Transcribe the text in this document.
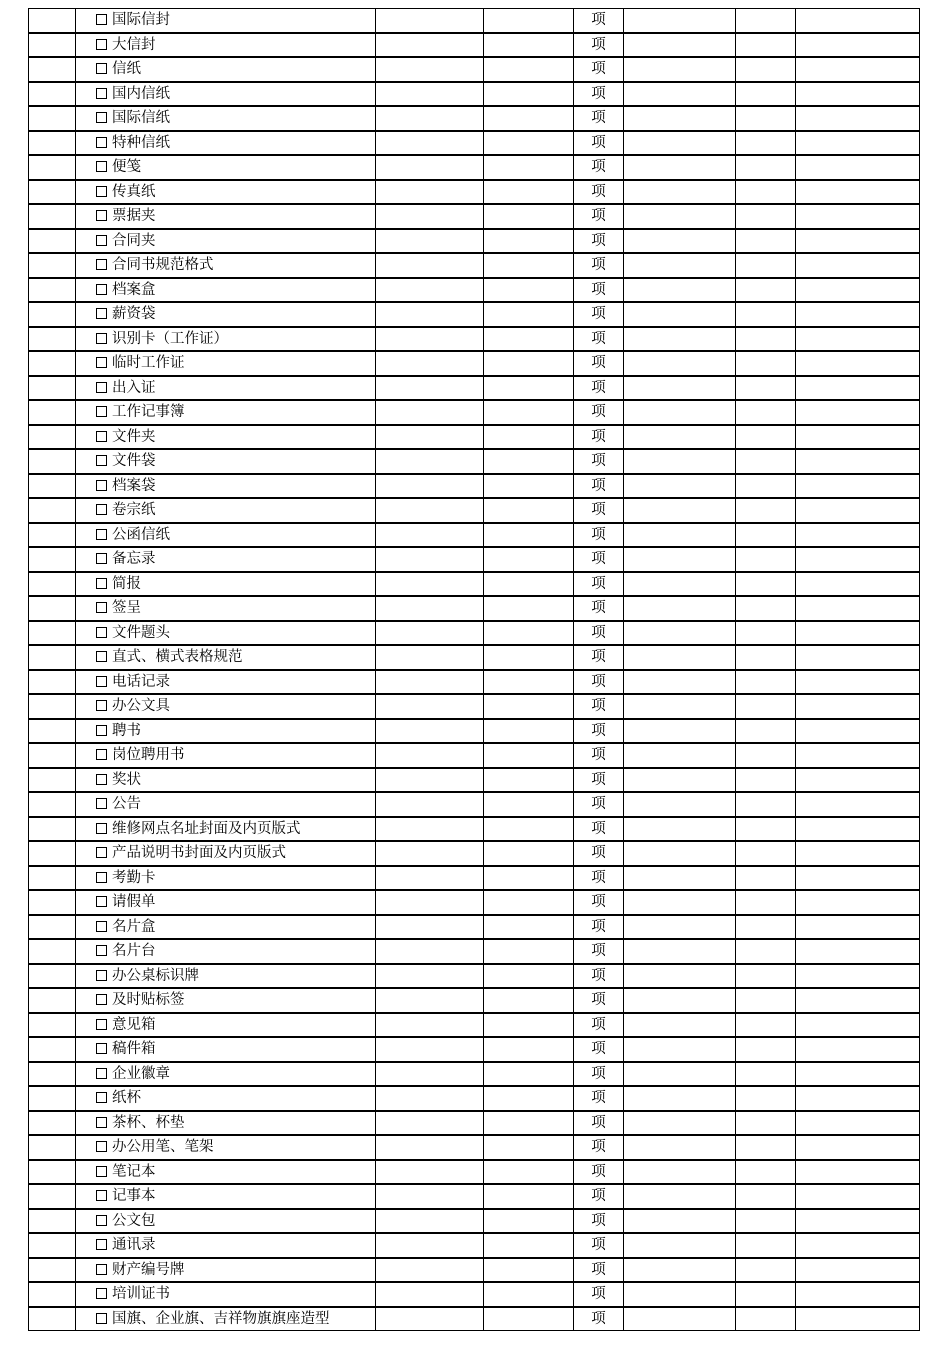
	国际信封			项			
	大信封			项			
	信纸			项			
	国内信纸			项			
	国际信纸			项			
	特种信纸			项			
	便笺			项			
	传真纸			项			
	票据夹			项			
	合同夹			项			
	合同书规范格式			项			
	档案盒			项			
	薪资袋			项			
	识别卡（工作证）			项			
	临时工作证			项			
	出入证			项			
	工作记事簿			项			
	文件夹			项			
	文件袋			项			
	档案袋			项			
	卷宗纸			项			
	公函信纸			项			
	备忘录			项			
	简报			项			
	签呈			项			
	文件题头			项			
	直式、横式表格规范			项			
	电话记录			项			
	办公文具			项			
	聘书			项			
	岗位聘用书			项			
	奖状			项			
	公告			项			
	维修网点名址封面及内页版式			项			
	产品说明书封面及内页版式			项			
	考勤卡			项			
	请假单			项			
	名片盒			项			
	名片台			项			
	办公桌标识牌			项			
	及时贴标签			项			
	意见箱			项			
	稿件箱			项			
	企业徽章			项			
	纸杯			项			
	茶杯、杯垫			项			
	办公用笔、笔架			项			
	笔记本			项			
	记事本			项			
	公文包			项			
	通讯录			项			
	财产编号牌			项			
	培训证书			项			
	国旗、企业旗、吉祥物旗旗座造型			项			
